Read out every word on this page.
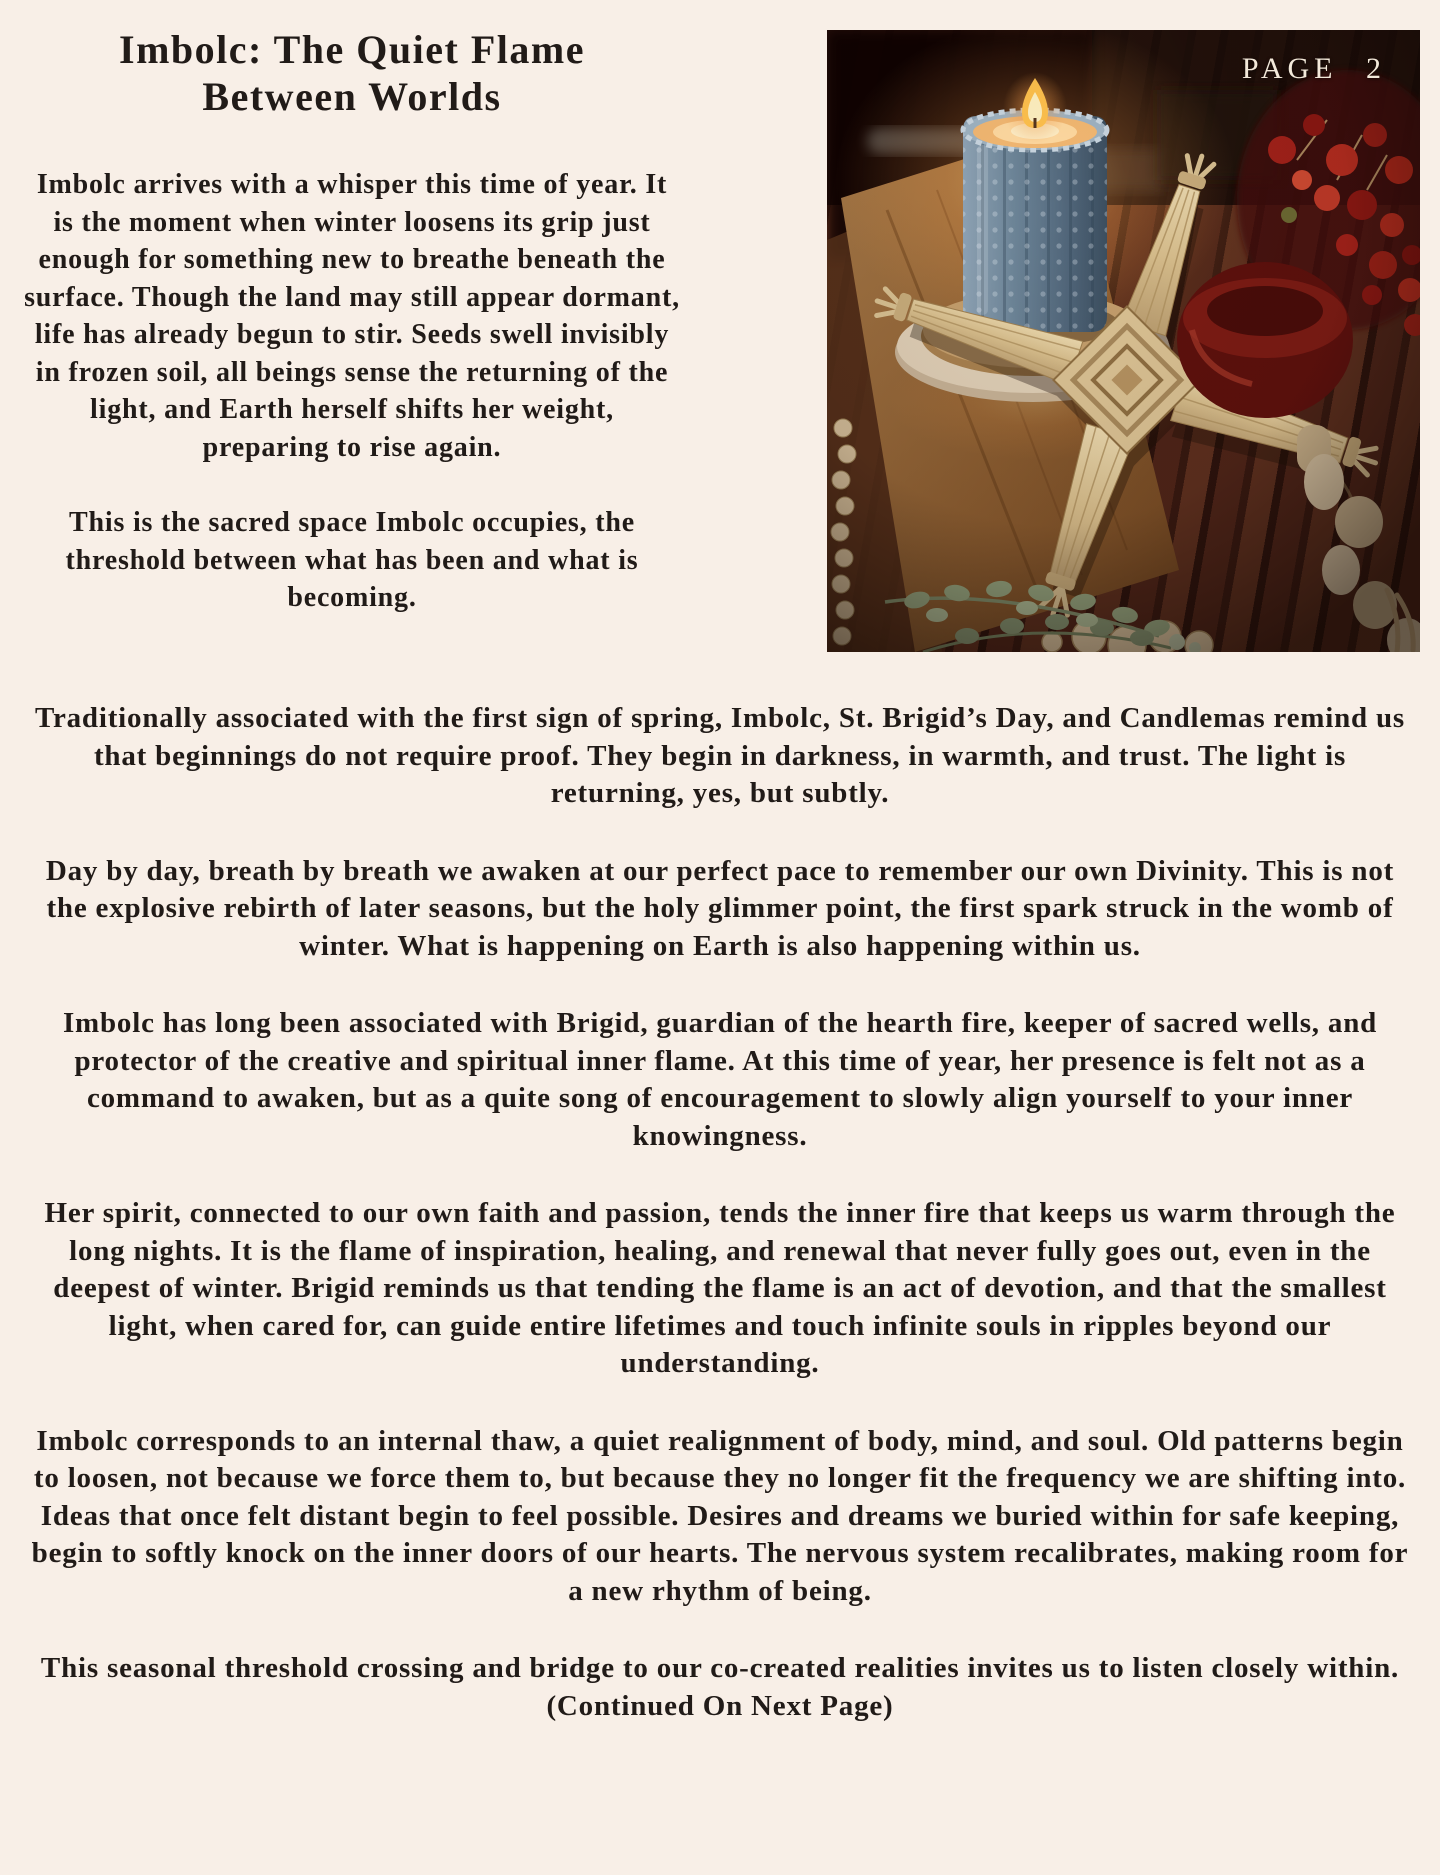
Imbolc: The Quiet Flame Between Worlds

Imbolc arrives with a whisper this time of year. It is the moment when winter loosens its grip just enough for something new to breathe beneath the surface. Though the land may still appear dormant, life has already begun to stir. Seeds swell invisibly in frozen soil, all beings sense the returning of the light, and Earth herself shifts her weight, preparing to rise again.

This is the sacred space Imbolc occupies, the threshold between what has been and what is becoming.

PAGE 2

Traditionally associated with the first sign of spring, Imbolc, St. Brigid’s Day, and Candlemas remind us that beginnings do not require proof. They begin in darkness, in warmth, and trust. The light is returning, yes, but subtly.

Day by day, breath by breath we awaken at our perfect pace to remember our own Divinity. This is not the explosive rebirth of later seasons, but the holy glimmer point, the first spark struck in the womb of winter. What is happening on Earth is also happening within us.

Imbolc has long been associated with Brigid, guardian of the hearth fire, keeper of sacred wells, and protector of the creative and spiritual inner flame. At this time of year, her presence is felt not as a command to awaken, but as a quite song of encouragement to slowly align yourself to your inner knowingness.

Her spirit, connected to our own faith and passion, tends the inner fire that keeps us warm through the long nights. It is the flame of inspiration, healing, and renewal that never fully goes out, even in the deepest of winter. Brigid reminds us that tending the flame is an act of devotion, and that the smallest light, when cared for, can guide entire lifetimes and touch infinite souls in ripples beyond our understanding.

Imbolc corresponds to an internal thaw, a quiet realignment of body, mind, and soul. Old patterns begin to loosen, not because we force them to, but because they no longer fit the frequency we are shifting into. Ideas that once felt distant begin to feel possible. Desires and dreams we buried within for safe keeping, begin to softly knock on the inner doors of our hearts. The nervous system recalibrates, making room for a new rhythm of being.

This seasonal threshold crossing and bridge to our co-created realities invites us to listen closely within. (Continued On Next Page)
